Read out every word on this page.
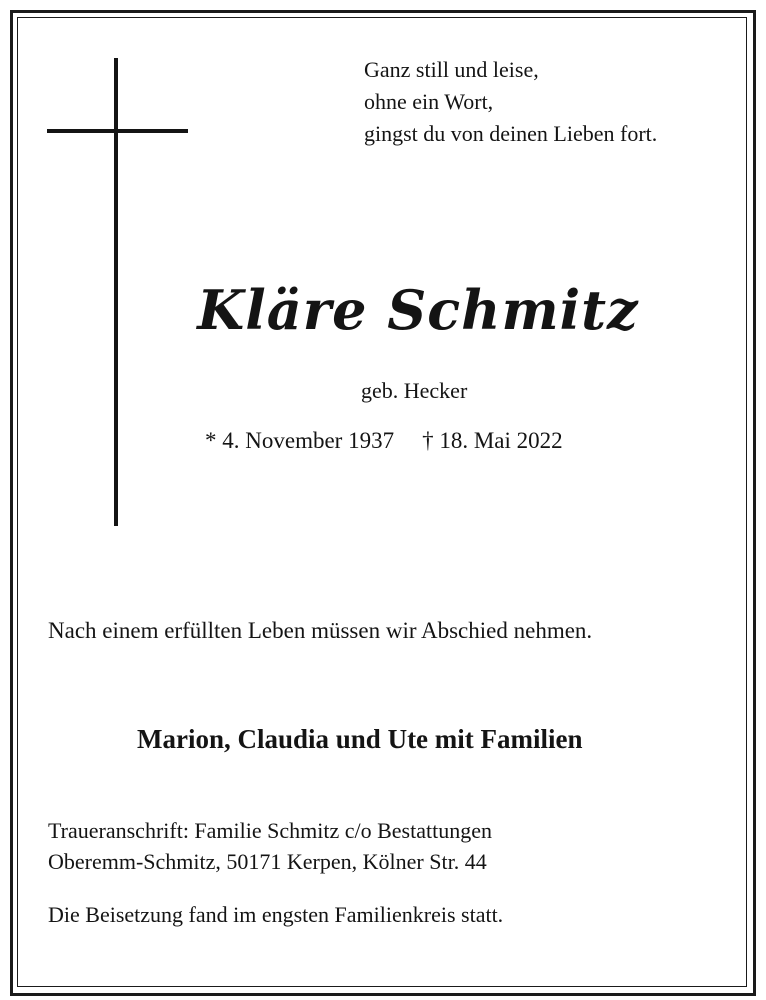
Ganz still und leise,
ohne ein Wort,
gingst du von deinen Lieben fort.
Kläre Schmitz
geb. Hecker
* 4. November 1937 † 18. Mai 2022
Nach einem erfüllten Leben müssen wir Abschied nehmen.
Marion, Claudia und Ute mit Familien
Traueranschrift: Familie Schmitz c/o Bestattungen
Oberemm-Schmitz, 50171 Kerpen, Kölner Str. 44
Die Beisetzung fand im engsten Familienkreis statt.
